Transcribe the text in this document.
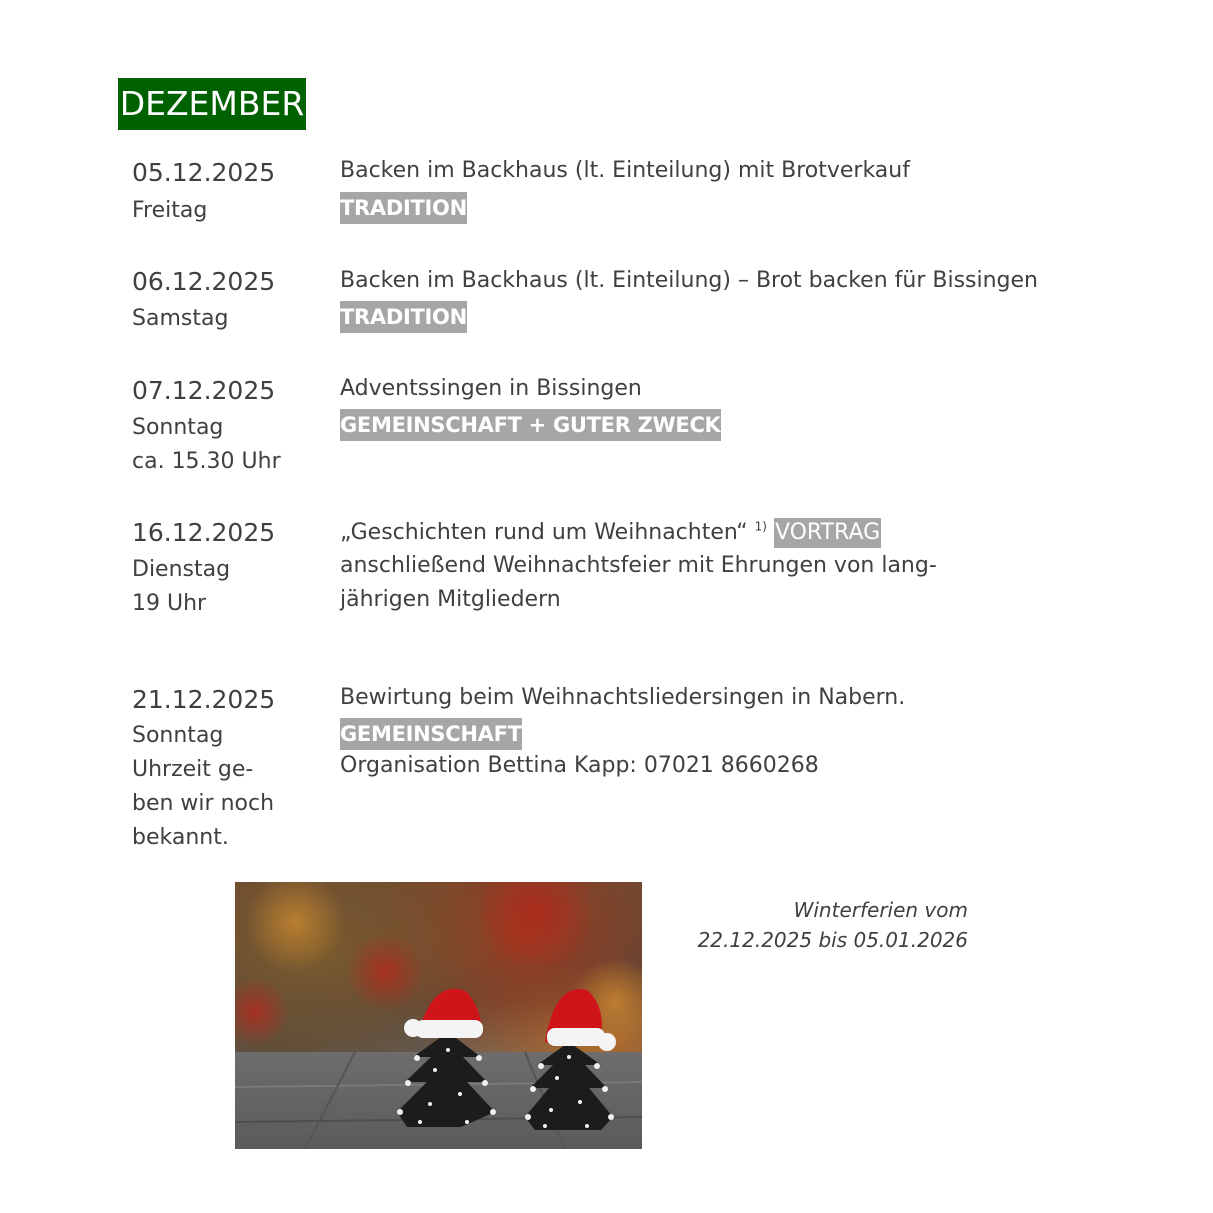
DEZEMBER
05.12.2025
Freitag
Backen im Backhaus (lt. Einteilung) mit Brotverkauf
TRADITION
06.12.2025
Samstag
Backen im Backhaus (lt. Einteilung) – Brot backen für Bissingen
TRADITION
07.12.2025
Sonntag
ca. 15.30 Uhr
Adventssingen in Bissingen
GEMEINSCHAFT + GUTER ZWECK
16.12.2025
Dienstag
19 Uhr
„Geschichten rund um Weihnachten“ $^{1)}$ VORTRAG
anschließend Weihnachtsfeier mit Ehrungen von lang-
jährigen Mitgliedern
21.12.2025
Sonntag
Uhrzeit ge-
ben wir noch
bekannt.
Bewirtung beim Weihnachtsliedersingen in Nabern.
GEMEINSCHAFT
Organisation Bettina Kapp: 07021 8660268
Winterferien vom
22.12.2025 bis 05.01.2026
